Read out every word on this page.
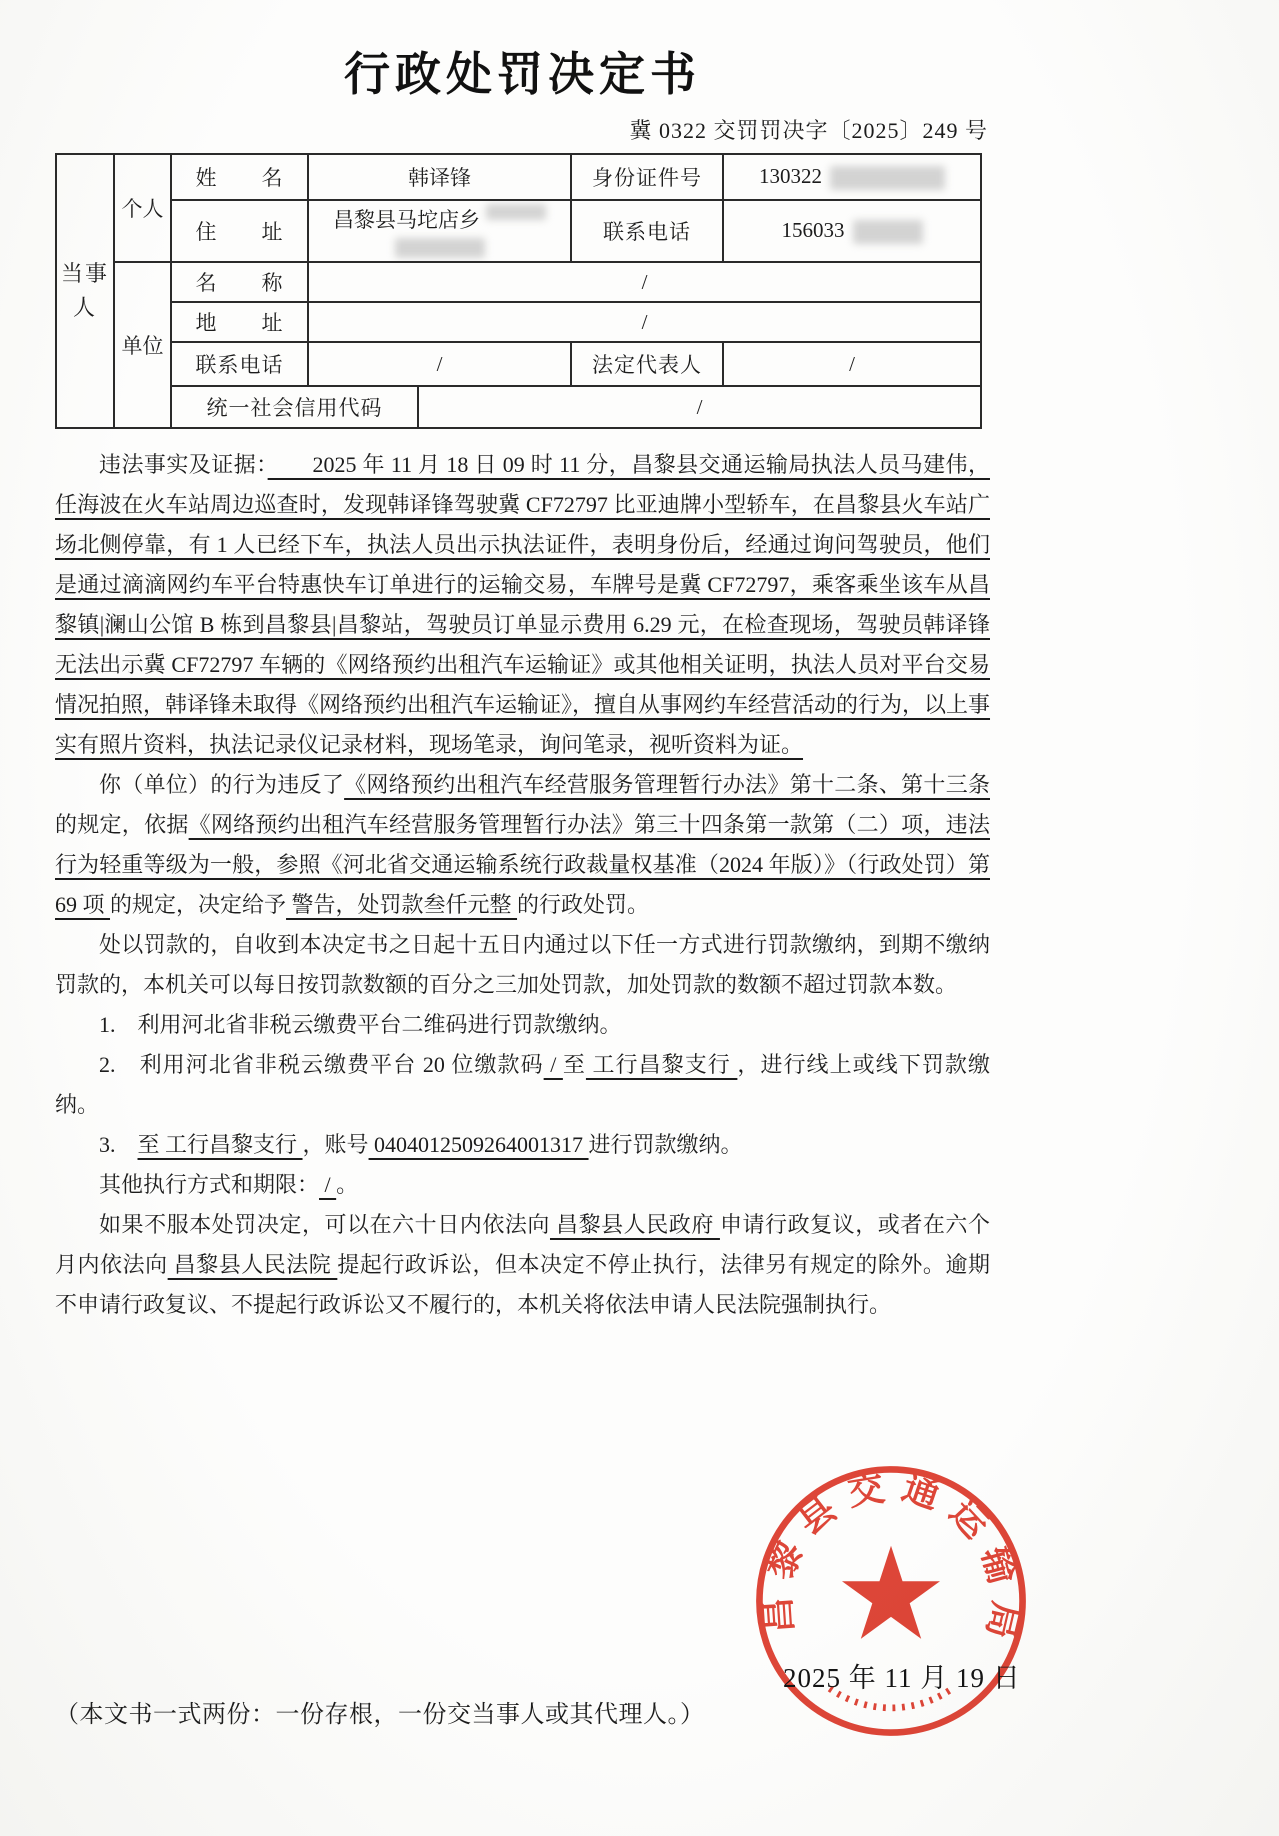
行政处罚决定书
冀 0322 交罚罚决字〔2025〕249 号
当事人	个人	姓　　名	韩译锋		身份证件号	130322
		住　　址	昌黎县马坨店乡		联系电话	156033
	单位	名　　称	/			
		地　　址	/			
		联系电话	/		法定代表人	/
		统一社会信用代码		/		

违法事实及证据：　　2025 年 11 月 18 日 09 时 11 分，昌黎县交通运输局执法人员马建伟，任海波在火车站周边巡查时，发现韩译锋驾驶冀 CF72797 比亚迪牌小型轿车，在昌黎县火车站广场北侧停靠，有 1 人已经下车，执法人员出示执法证件，表明身份后，经通过询问驾驶员，他们是通过滴滴网约车平台特惠快车订单进行的运输交易，车牌号是冀 CF72797，乘客乘坐该车从昌黎镇|澜山公馆 B 栋到昌黎县|昌黎站，驾驶员订单显示费用 6.29 元，在检查现场，驾驶员韩译锋无法出示冀 CF72797 车辆的《网络预约出租汽车运输证》或其他相关证明，执法人员对平台交易情况拍照，韩译锋未取得《网络预约出租汽车运输证》，擅自从事网约车经营活动的行为，以上事实有照片资料，执法记录仪记录材料，现场笔录，询问笔录，视听资料为证。

你（单位）的行为违反了《网络预约出租汽车经营服务管理暂行办法》第十二条、第十三条 的规定，依据《网络预约出租汽车经营服务管理暂行办法》第三十四条第一款第（二）项，违法行为轻重等级为一般，参照《河北省交通运输系统行政裁量权基准（2024 年版）》（行政处罚）第 69 项 的规定，决定给予 警告，处罚款叁仟元整 的行政处罚。

处以罚款的，自收到本决定书之日起十五日内通过以下任一方式进行罚款缴纳，到期不缴纳罚款的，本机关可以每日按罚款数额的百分之三加处罚款，加处罚款的数额不超过罚款本数。

1.　利用河北省非税云缴费平台二维码进行罚款缴纳。

2.　利用河北省非税云缴费平台 20 位缴款码 / 至 工行昌黎支行 ，进行线上或线下罚款缴纳。

3.　至 工行昌黎支行 ，账号 0404012509264001317 进行罚款缴纳。

其他执行方式和期限： / 。

如果不服本处罚决定，可以在六十日内依法向 昌黎县人民政府 申请行政复议，或者在六个月内依法向 昌黎县人民法院 提起行政诉讼，但本决定不停止执行，法律另有规定的除外。逾期不申请行政复议、不提起行政诉讼又不履行的，本机关将依法申请人民法院强制执行。

昌黎县交通运输局
2025 年 11 月 19 日
（本文书一式两份：一份存根，一份交当事人或其代理人。）
